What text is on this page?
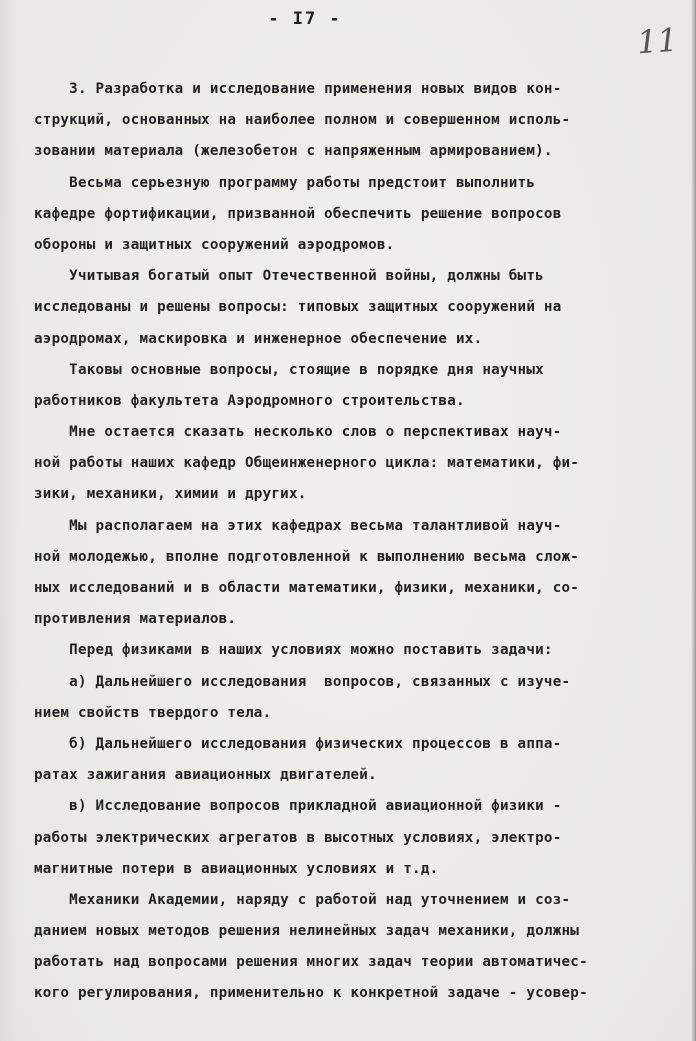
- I7 -
11
3. Разработка и исследование применения новых видов кон-
струкций, основанных на наиболее полном и совершенном исполь-
зовании материала (железобетон с напряженным армированием).
Весьма серьезную программу работы предстоит выполнить
кафедре фортификации, призванной обеспечить решение вопросов
обороны и защитных сооружений аэродромов.
Учитывая богатый опыт Отечественной войны, должны быть
исследованы и решены вопросы: типовых защитных сооружений на
аэродромах, маскировка и инженерное обеспечение их.
Таковы основные вопросы, стоящие в порядке дня научных
работников факультета Аэродромного строительства.
Мне остается сказать несколько слов о перспективах науч-
ной работы наших кафедр Общеинженерного цикла: математики, фи-
зики, механики, химии и других.
Мы располагаем на этих кафедрах весьма талантливой науч-
ной молодежью, вполне подготовленной к выполнению весьма слож-
ных исследований и в области математики, физики, механики, со-
противления материалов.
Перед физиками в наших условиях можно поставить задачи:
а) Дальнейшего исследования  вопросов, связанных с изуче-
нием свойств твердого тела.
б) Дальнейшего исследования физических процессов в аппа-
ратах зажигания авиационных двигателей.
в) Исследование вопросов прикладной авиационной физики -
работы электрических агрегатов в высотных условиях, электро-
магнитные потери в авиационных условиях и т.д.
Механики Академии, наряду с работой над уточнением и соз-
данием новых методов решения нелинейных задач механики, должны
работать над вопросами решения многих задач теории автоматичес-
кого регулирования, применительно к конкретной задаче - усовер-
